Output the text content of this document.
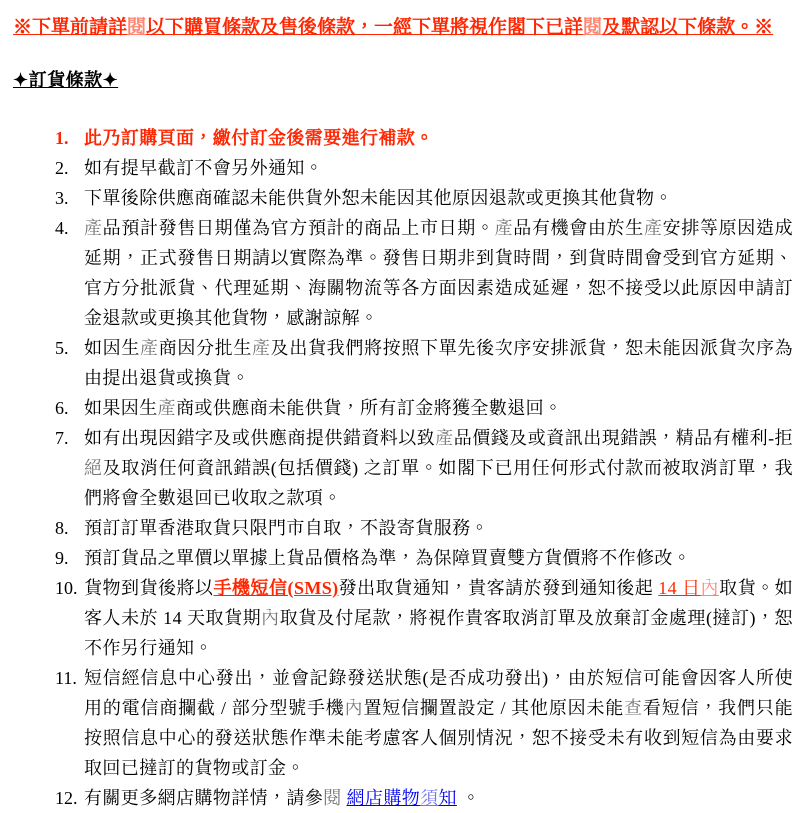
※下單前請詳閱以下購買條款及售後條款，一經下單將視作閣下已詳閱及默認以下條款。※
✦訂貨條款✦
1. 此乃訂購頁面，繳付訂金後需要進行補款。
2. 如有提早截訂不會另外通知。
3. 下單後除供應商確認未能供貨外恕未能因其他原因退款或更換其他貨物。
4. 產品預計發售日期僅為官方預計的商品上市日期。產品有機會由於生產安排等原因造成延期，正式發售日期請以實際為準。發售日期非到貨時間，到貨時間會受到官方延期、官方分批派貨、代理延期、海關物流等各方面因素造成延遲，恕不接受以此原因申請訂金退款或更換其他貨物，感謝諒解。
5. 如因生產商因分批生產及出貨我們將按照下單先後次序安排派貨，恕未能因派貨次序為由提出退貨或換貨。
6. 如果因生產商或供應商未能供貨，所有訂金將獲全數退回。
7. 如有出現因錯字及或供應商提供錯資料以致產品價錢及或資訊出現錯誤，精品有權利-拒絕及取消任何資訊錯誤(包括價錢) 之訂單。如閣下已用任何形式付款而被取消訂單，我們將會全數退回已收取之款項。
8. 預訂訂單香港取貨只限門市自取，不設寄貨服務。
9. 預訂貨品之單價以單據上貨品價格為準，為保障買賣雙方貨價將不作修改。
10. 貨物到貨後將以手機短信(SMS)發出取貨通知，貴客請於發到通知後起 14 日內取貨。如客人未於 14 天取貨期內取貨及付尾款，將視作貴客取消訂單及放棄訂金處理(撻訂)，恕不作另行通知。
11. 短信經信息中心發出，並會記錄發送狀態(是否成功發出)，由於短信可能會因客人所使用的電信商攔截 / 部分型號手機內置短信攔置設定 / 其他原因未能查看短信，我們只能按照信息中心的發送狀態作準未能考慮客人個別情況，恕不接受未有收到短信為由要求取回已撻訂的貨物或訂金。
12. 有關更多網店購物詳情，請參閱 網店購物須知 。
